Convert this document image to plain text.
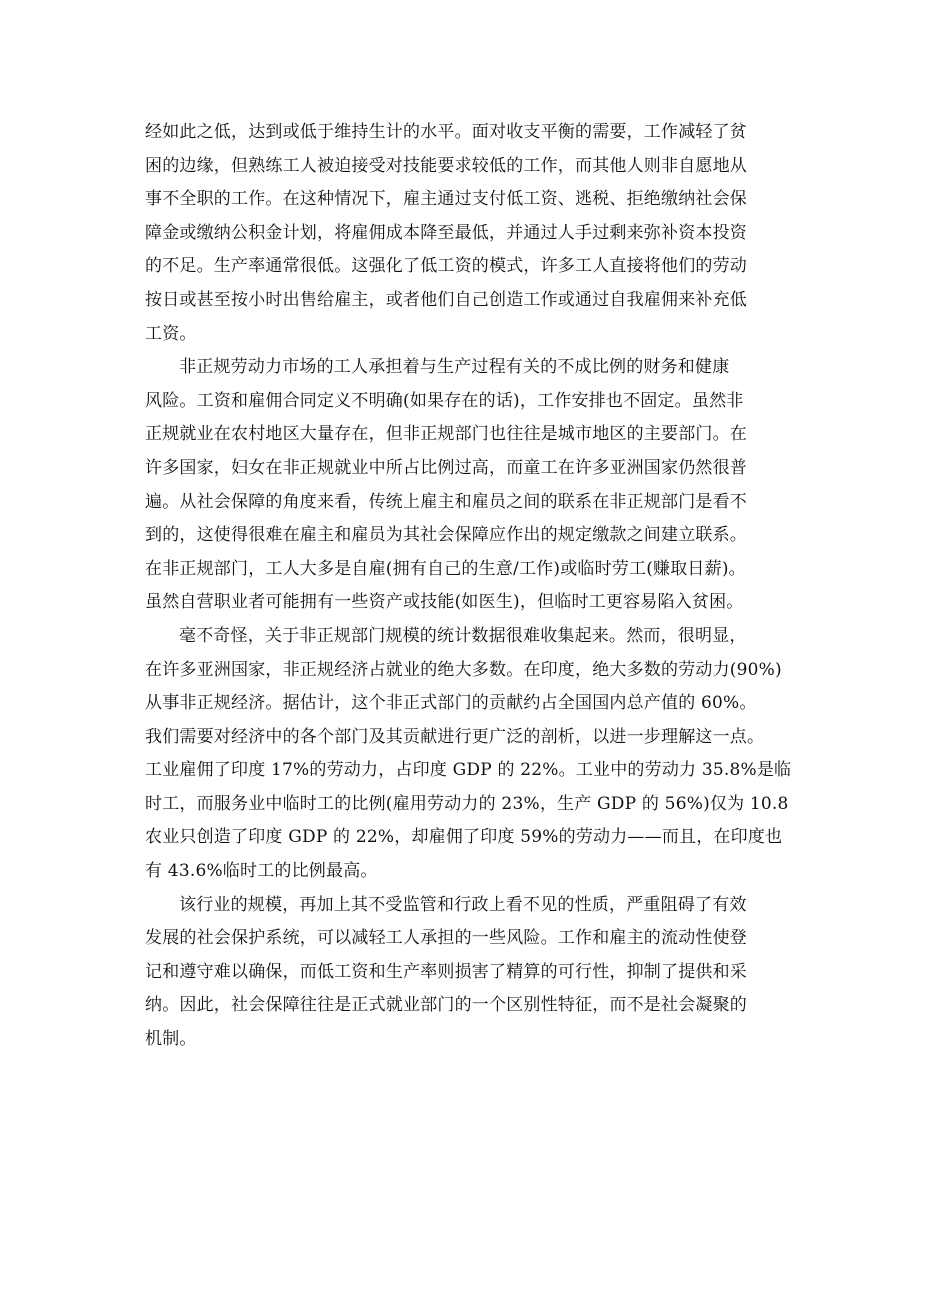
经如此之低，达到或低于维持生计的水平。面对收支平衡的需要，工作减轻了贫
困的边缘，但熟练工人被迫接受对技能要求较低的工作，而其他人则非自愿地从
事不全职的工作。在这种情况下，雇主通过支付低工资、逃税、拒绝缴纳社会保
障金或缴纳公积金计划，将雇佣成本降至最低，并通过人手过剩来弥补资本投资
的不足。生产率通常很低。这强化了低工资的模式，许多工人直接将他们的劳动
按日或甚至按小时出售给雇主，或者他们自己创造工作或通过自我雇佣来补充低
工资。
非正规劳动力市场的工人承担着与生产过程有关的不成比例的财务和健康
风险。工资和雇佣合同定义不明确(如果存在的话)，工作安排也不固定。虽然非
正规就业在农村地区大量存在，但非正规部门也往往是城市地区的主要部门。在
许多国家，妇女在非正规就业中所占比例过高，而童工在许多亚洲国家仍然很普
遍。从社会保障的角度来看，传统上雇主和雇员之间的联系在非正规部门是看不
到的，这使得很难在雇主和雇员为其社会保障应作出的规定缴款之间建立联系。
在非正规部门，工人大多是自雇(拥有自己的生意/工作)或临时劳工(赚取日薪)。
虽然自营职业者可能拥有一些资产或技能(如医生)，但临时工更容易陷入贫困。
毫不奇怪，关于非正规部门规模的统计数据很难收集起来。然而，很明显，
在许多亚洲国家，非正规经济占就业的绝大多数。在印度，绝大多数的劳动力(90%)
从事非正规经济。据估计，这个非正式部门的贡献约占全国国内总产值的 60%。
我们需要对经济中的各个部门及其贡献进行更广泛的剖析，以进一步理解这一点。
工业雇佣了印度 17%的劳动力，占印度 GDP 的 22%。工业中的劳动力 35.8%是临
时工，而服务业中临时工的比例(雇用劳动力的 23%，生产 GDP 的 56%)仅为 10.8
农业只创造了印度 GDP 的 22%，却雇佣了印度 59%的劳动力——而且，在印度也
有 43.6%临时工的比例最高。
该行业的规模，再加上其不受监管和行政上看不见的性质，严重阻碍了有效
发展的社会保护系统，可以减轻工人承担的一些风险。工作和雇主的流动性使登
记和遵守难以确保，而低工资和生产率则损害了精算的可行性，抑制了提供和采
纳。因此，社会保障往往是正式就业部门的一个区别性特征，而不是社会凝聚的
机制。
